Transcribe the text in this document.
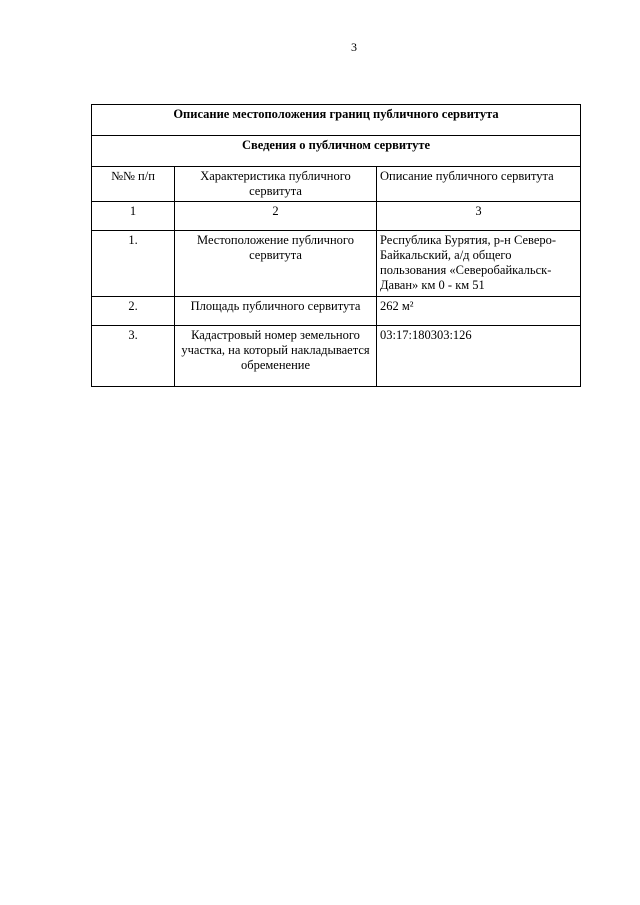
3
Описание местоположения границ публичного сервитута		
Сведения о публичном сервитуте		
№№ п/п	Характеристика публичного сервитута	Описание публичного сервитута
1	2	3
1.	Местоположение публичного сервитута	Республика Бурятия, р-н Северо-Байкальский, а/д общего пользования «Северобайкальск-Даван» км 0 - км 51
2.	Площадь публичного сервитута	262 м²
3.	Кадастровый номер земельного участка, на который накладывается обременение	03:17:180303:126
